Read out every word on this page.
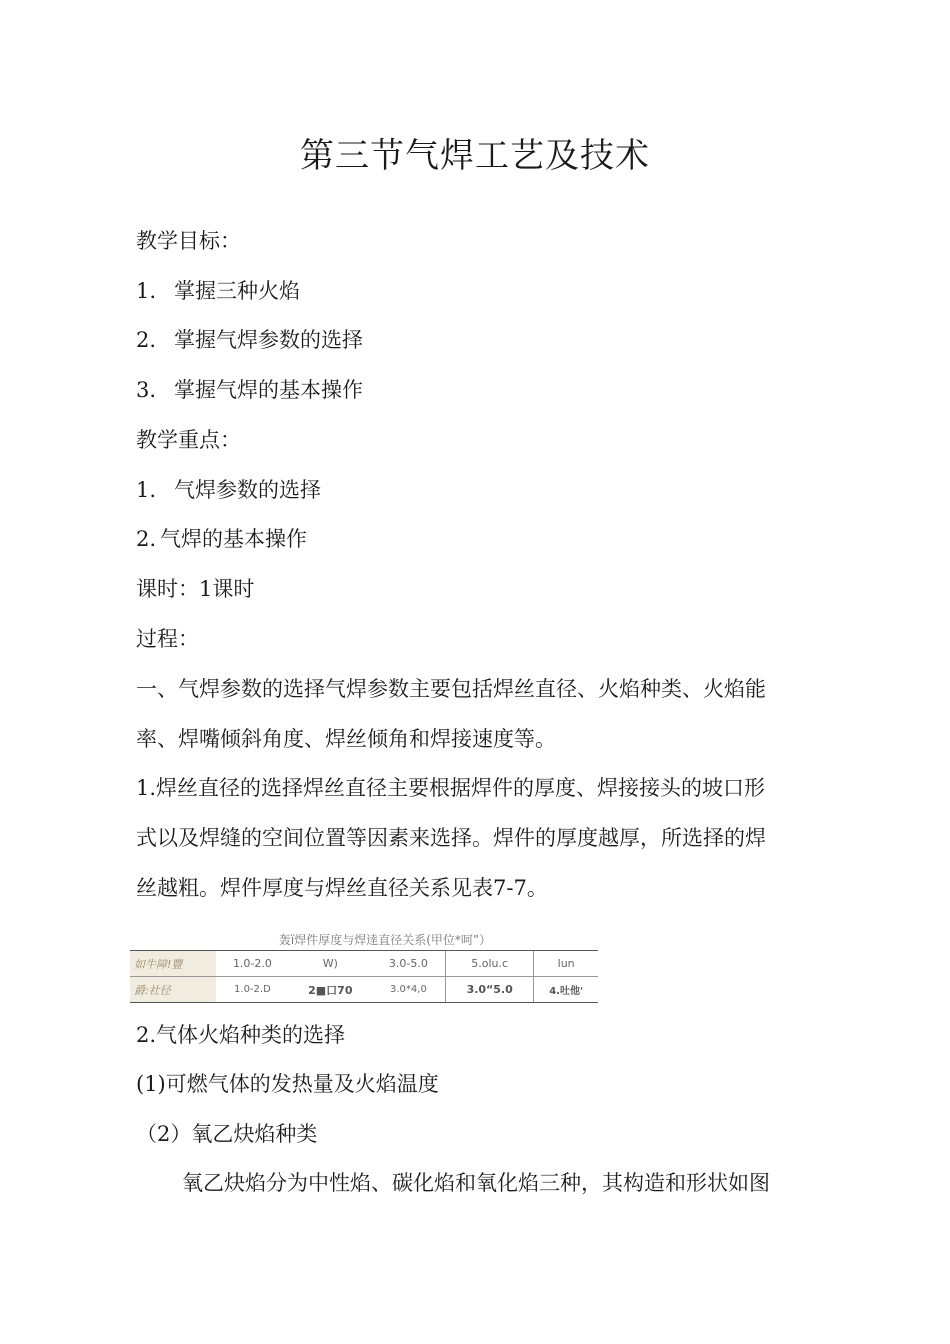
第三节气焊工艺及技术
教学目标：
1. 掌握三种火焰
2. 掌握气焊参数的选择
3. 掌握气焊的基本操作
教学重点：
1. 气焊参数的选择
2. 气焊的基本操作
课时：1课时
过程：
一、气焊参数的选择气焊参数主要包括焊丝直径、火焰种类、火焰能
率、焊嘴倾斜角度、焊丝倾角和焊接速度等。
1.焊丝直径的选择焊丝直径主要根据焊件的厚度、焊接接头的坡口形
式以及焊缝的空间位置等因素来选择。焊件的厚度越厚，所选择的焊
丝越粗。焊件厚度与焊丝直径关系见表7-7。
轰ï焊件厚度与焊逹直径关系(甲位*呵”）
如牛障!豐	1.0-2.0	W)	3.0-5.0	5.olu.c	lun
爵:社径	1.0-2.D	2■口70	3.0*4,0	3.0“5.0	4.吐他'
2.气体火焰种类的选择
(1)可燃气体的发热量及火焰温度
（2）氧乙炔焰种类
氧乙炔焰分为中性焰、碳化焰和氧化焰三种，其构造和形状如图
